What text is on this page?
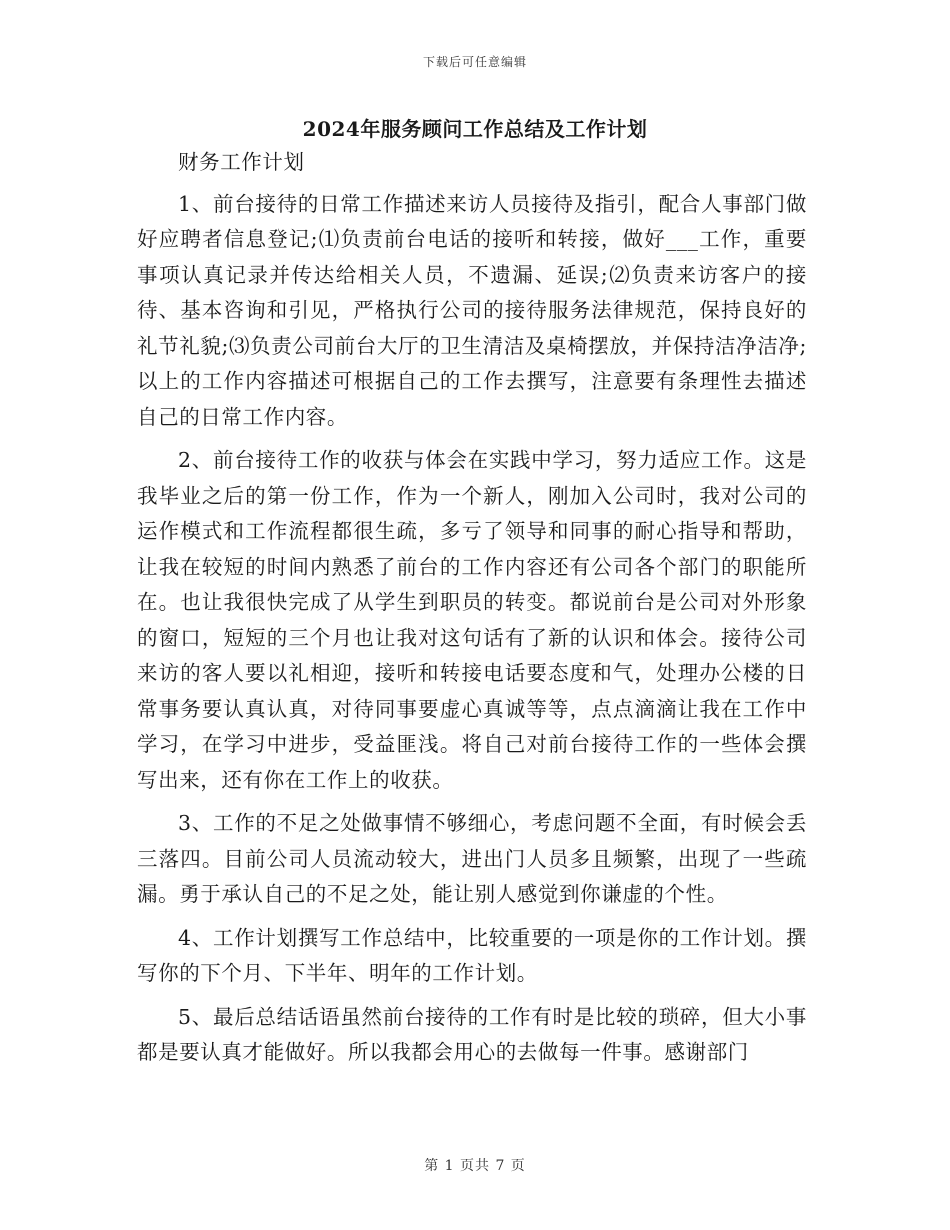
下载后可任意编辑
2024年服务顾问工作总结及工作计划

财务工作计划

1、前台接待的日常工作描述来访人员接待及指引，配合人事部门做好应聘者信息登记;⑴负责前台电话的接听和转接，做好___工作，重要事项认真记录并传达给相关人员，不遗漏、延误;⑵负责来访客户的接待、基本咨询和引见，严格执行公司的接待服务法律规范，保持良好的礼节礼貌;⑶负责公司前台大厅的卫生清洁及桌椅摆放，并保持洁净洁净;以上的工作内容描述可根据自己的工作去撰写，注意要有条理性去描述自己的日常工作内容。

2、前台接待工作的收获与体会在实践中学习，努力适应工作。这是我毕业之后的第一份工作，作为一个新人，刚加入公司时，我对公司的运作模式和工作流程都很生疏，多亏了领导和同事的耐心指导和帮助，让我在较短的时间内熟悉了前台的工作内容还有公司各个部门的职能所在。也让我很快完成了从学生到职员的转变。都说前台是公司对外形象的窗口，短短的三个月也让我对这句话有了新的认识和体会。接待公司来访的客人要以礼相迎，接听和转接电话要态度和气，处理办公楼的日常事务要认真认真，对待同事要虚心真诚等等，点点滴滴让我在工作中学习，在学习中进步，受益匪浅。将自己对前台接待工作的一些体会撰写出来，还有你在工作上的收获。

3、工作的不足之处做事情不够细心，考虑问题不全面，有时候会丢三落四。目前公司人员流动较大，进出门人员多且频繁，出现了一些疏漏。勇于承认自己的不足之处，能让别人感觉到你谦虚的个性。

4、工作计划撰写工作总结中，比较重要的一项是你的工作计划。撰写你的下个月、下半年、明年的工作计划。

5、最后总结话语虽然前台接待的工作有时是比较的琐碎，但大小事都是要认真才能做好。所以我都会用心的去做每一件事。感谢部门

第 1 页共 7 页
